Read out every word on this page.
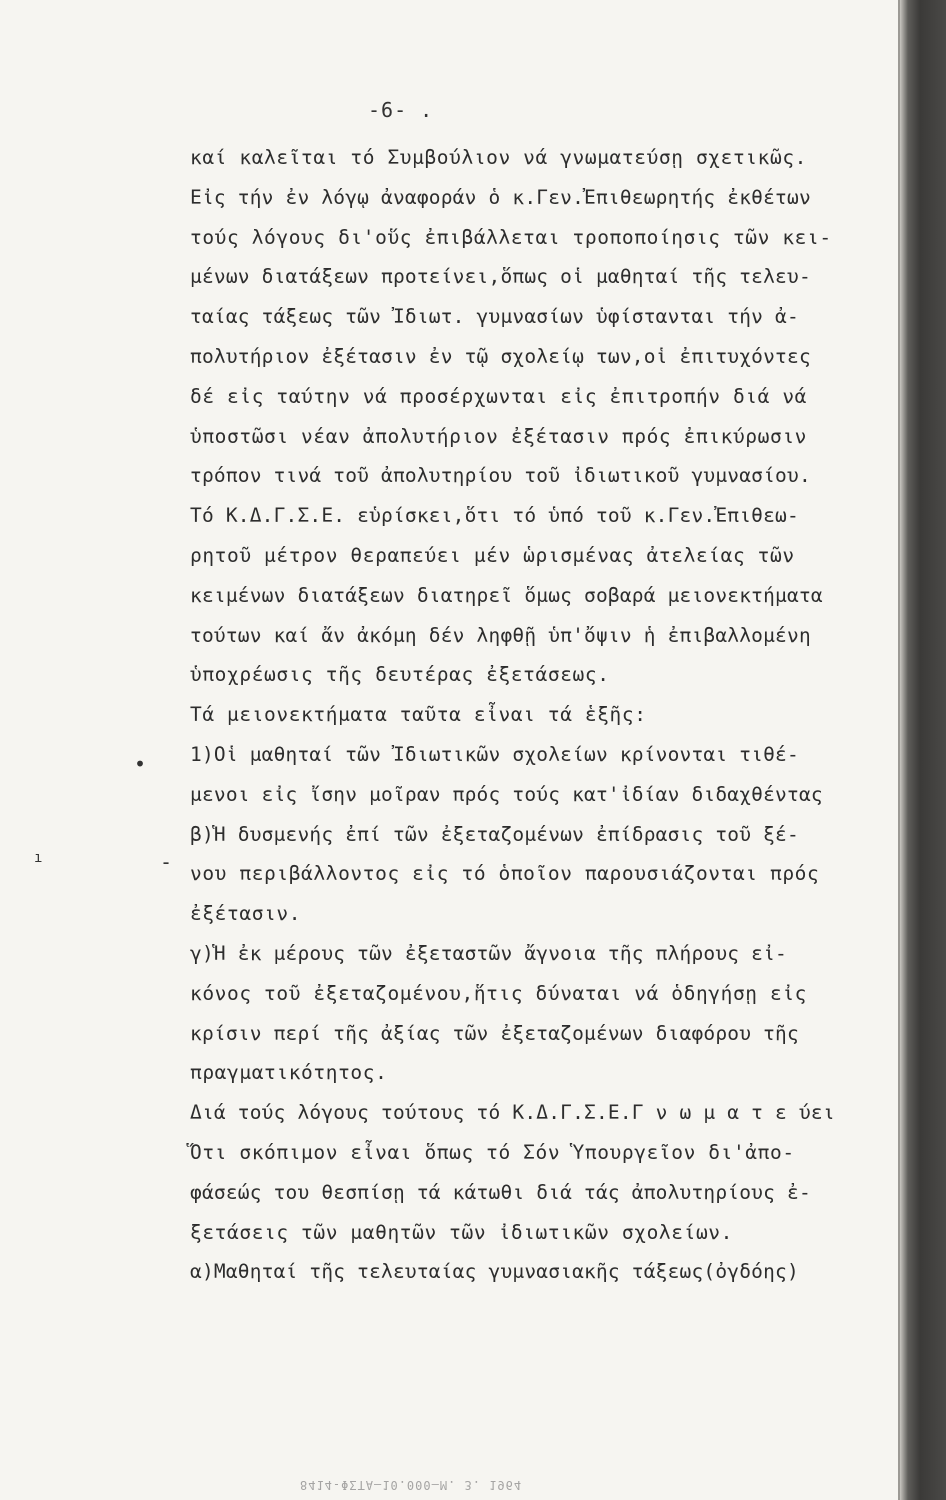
-6- .
καί καλεῖται τό Συμβούλιον νά γνωματεύσῃ σχετικῶς.
Εἰς τήν ἐν λόγῳ ἀναφοράν ὁ κ.Γεν.Ἐπιθεωρητής ἐκθέτων
τούς λόγους δι'οὕς ἐπιβάλλεται τροποποίησις τῶν κει-
μένων διατάξεων προτείνει,ὅπως οἱ μαθηταί τῆς τελευ-
ταίας τάξεως τῶν Ἰδιωτ. γυμνασίων ὑφίστανται τήν ἀ-
πολυτήριον ἐξέτασιν ἐν τῷ σχολείῳ των,οἱ ἐπιτυχόντες
δέ εἰς ταύτην νά προσέρχωνται εἰς ἐπιτροπήν διά νά
ὑποστῶσι νέαν ἀπολυτήριον ἐξέτασιν πρός ἐπικύρωσιν
τρόπον τινά τοῦ ἀπολυτηρίου τοῦ ἰδιωτικοῦ γυμνασίου.
Τό Κ.Δ.Γ.Σ.Ε. εὑρίσκει,ὅτι τό ὑπό τοῦ κ.Γεν.Ἐπιθεω-
ρητοῦ μέτρον θεραπεύει μέν ὡρισμένας ἀτελείας τῶν
κειμένων διατάξεων διατηρεῖ ὅμως σοβαρά μειονεκτήματα
τούτων καί ἄν ἀκόμη δέν ληφθῇ ὑπ'ὄψιν ἡ ἐπιβαλλομένη
ὑποχρέωσις τῆς δευτέρας ἐξετάσεως.
Τά μειονεκτήματα ταῦτα εἶναι τά ἑξῆς:
1)Οἱ μαθηταί τῶν Ἰδιωτικῶν σχολείων κρίνονται τιθέ-
μενοι εἰς ἴσην μοῖραν πρός τούς κατ'ἰδίαν διδαχθέντας
β)Ἡ δυσμενής ἐπί τῶν ἐξεταζομένων ἐπίδρασις τοῦ ξέ-
νου περιβάλλοντος εἰς τό ὁποῖον παρουσιάζονται πρός
ἐξέτασιν.
γ)Ἡ ἐκ μέρους τῶν ἐξεταστῶν ἄγνοια τῆς πλήρους εἰ-
κόνος τοῦ ἐξεταζομένου,ἥτις δύναται νά ὁδηγήσῃ εἰς
κρίσιν περί τῆς ἀξίας τῶν ἐξεταζομένων διαφόρου τῆς
πραγματικότητος.
Διά τούς λόγους τούτους τό Κ.Δ.Γ.Σ.Ε.Γ ν ω μ α τ ε ύει
Ὅτι σκόπιμον εἶναι ὅπως τό Σόν Ὑπουργεῖον δι'ἀπο-
φάσεώς του θεσπίσῃ τά κάτωθι διά τάς ἀπολυτηρίους ἐ-
ξετάσεις τῶν μαθητῶν τῶν ἰδιωτικῶν σχολείων.
α)Μαθηταί τῆς τελευταίας γυμνασιακῆς τάξεως(ὀγδόης)
•
ı	-
8414-ΦΣΤΑ—10.000—Μ. 3. 1964
